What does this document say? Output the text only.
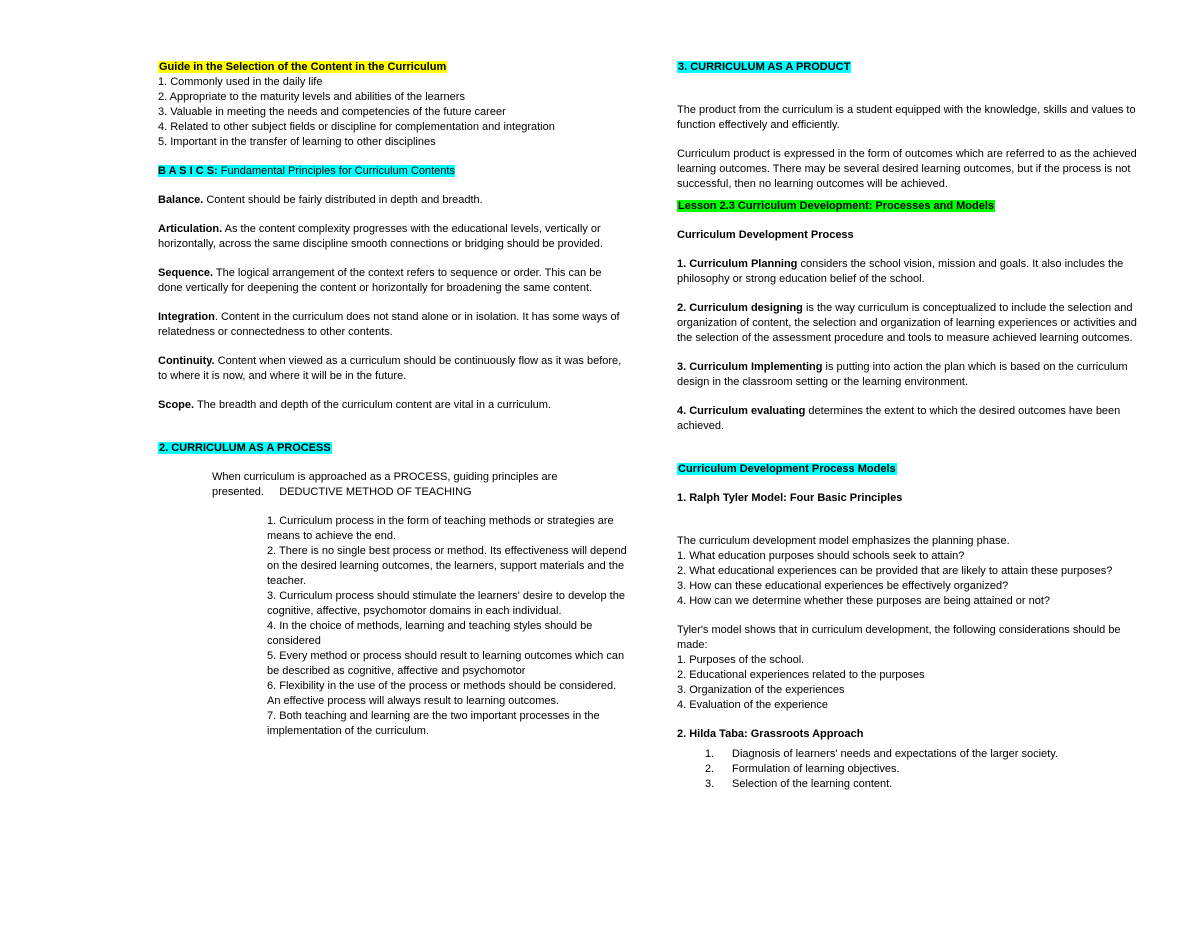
Guide in the Selection of the Content in the Curriculum
1. Commonly used in the daily life
2. Appropriate to the maturity levels and abilities of the learners
3. Valuable in meeting the needs and competencies of the future career
4. Related to other subject fields or discipline for complementation and integration
5. Important in the transfer of learning to other disciplines
B A S I C S: Fundamental Principles for Curriculum Contents
Balance. Content should be fairly distributed in depth and breadth.
Articulation. As the content complexity progresses with the educational levels, vertically or horizontally, across the same discipline smooth connections or bridging should be provided.
Sequence. The logical arrangement of the context refers to sequence or order. This can be done vertically for deepening the content or horizontally for broadening the same content.
Integration. Content in the curriculum does not stand alone or in isolation. It has some ways of relatedness or connectedness to other contents.
Continuity. Content when viewed as a curriculum should be continuously flow as it was before, to where it is now, and where it will be in the future.
Scope. The breadth and depth of the curriculum content are vital in a curriculum.
2. CURRICULUM AS A PROCESS
When curriculum is approached as a PROCESS, guiding principles are presented.     DEDUCTIVE METHOD OF TEACHING
1. Curriculum process in the form of teaching methods or strategies are means to achieve the end.
2. There is no single best process or method. Its effectiveness will depend on the desired learning outcomes, the learners, support materials and the teacher.
3. Curriculum process should stimulate the learners' desire to develop the cognitive, affective, psychomotor domains in each individual.
4. In the choice of methods, learning and teaching styles should be considered
5. Every method or process should result to learning outcomes which can be described as cognitive, affective and psychomotor
6. Flexibility in the use of the process or methods should be considered. An effective process will always result to learning outcomes.
7. Both teaching and learning are the two important processes in the implementation of the curriculum.
3. CURRICULUM AS A PRODUCT
The product from the curriculum is a student equipped with the knowledge, skills and values to function effectively and efficiently.
Curriculum product is expressed in the form of outcomes which are referred to as the achieved learning outcomes. There may be several desired learning outcomes, but if the process is not successful, then no learning outcomes will be achieved.
Lesson 2.3 Curriculum Development: Processes and Models
Curriculum Development Process
1. Curriculum Planning considers the school vision, mission and goals. It also includes the philosophy or strong education belief of the school.
2. Curriculum designing is the way curriculum is conceptualized to include the selection and organization of content, the selection and organization of learning experiences or activities and the selection of the assessment procedure and tools to measure achieved learning outcomes.
3. Curriculum Implementing is putting into action the plan which is based on the curriculum design in the classroom setting or the learning environment.
4. Curriculum evaluating determines the extent to which the desired outcomes have been achieved.
Curriculum Development Process Models
1. Ralph Tyler Model: Four Basic Principles
The curriculum development model emphasizes the planning phase.
1. What education purposes should schools seek to attain?
2. What educational experiences can be provided that are likely to attain these purposes?
3. How can these educational experiences be effectively organized?
4. How can we determine whether these purposes are being attained or not?
Tyler's model shows that in curriculum development, the following considerations should be made:
1. Purposes of the school.
2. Educational experiences related to the purposes
3. Organization of the experiences
4. Evaluation of the experience
2. Hilda Taba: Grassroots Approach
1. Diagnosis of learners' needs and expectations of the larger society.
2. Formulation of learning objectives.
3. Selection of the learning content.
